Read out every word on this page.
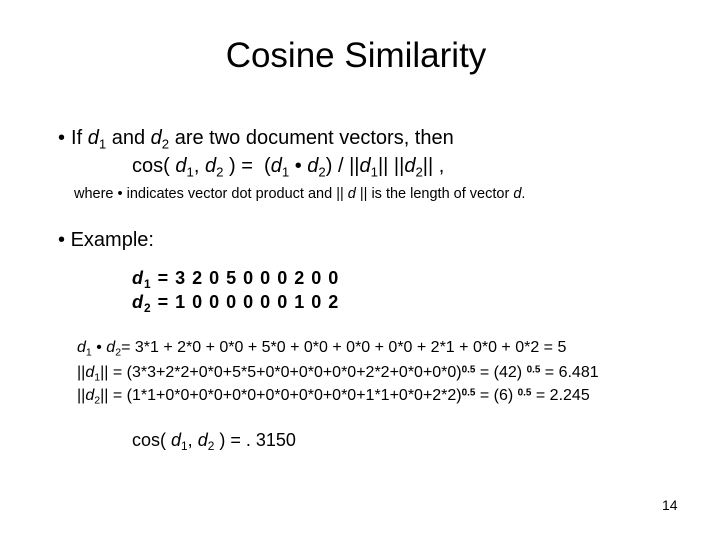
Cosine Similarity
• If $d_1$ and $d_2$ are two document vectors, then
cos( $d_1$, $d_2$ ) = ($d_1$ • $d_2) / ||d_1||$ $||d_2||$ ,
where • indicates vector dot product and || d || is the length of vector d.
• Example:
$d_1 = 3$ 2 0 5 0 0 0 2 0 0
$d_2 = 1$ 0 0 0 0 0 0 1 0 2
$d_1$ • $d_2= 3*1 + 2*0 + 0*0 + 5*0 + 0*0 + 0*0 + 0*0 + 2*1 + 0*0 + 0*2 = 5$
$||d_1|| = (3*3+2*2+0*0+5*5+0*0+0*0+0*0+2*2+0*0+0*0)^{0.5} = (42) ^{0.5} = 6.481$
$||d_2|| = (1*1+0*0+0*0+0*0+0*0+0*0+0*0+1*1+0*0+2*2)^{0.5} = (6) ^{0.5} = 2.245$
cos( $d_1$, $d_2$ ) = . 3150
14
